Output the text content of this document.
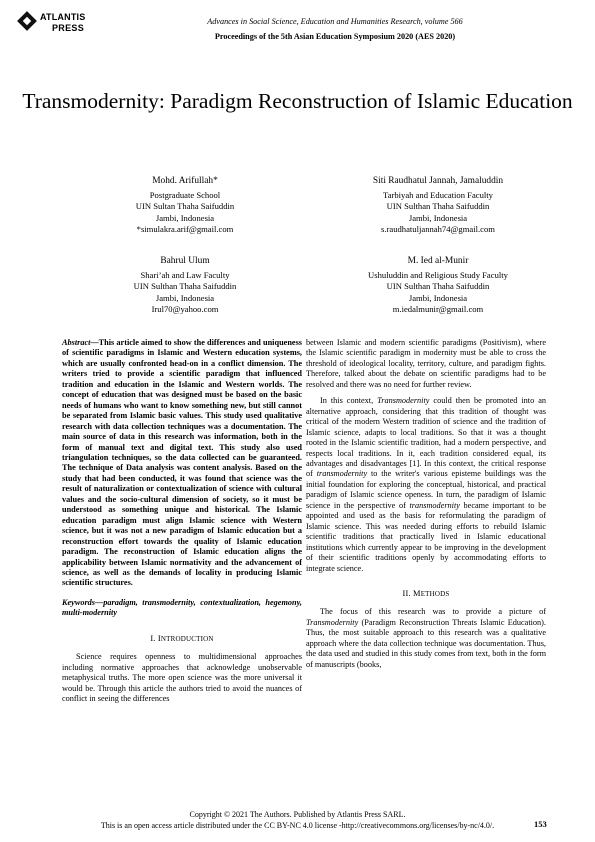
ATLANTIS
PRESS
Advances in Social Science, Education and Humanities Research, volume 566
Proceedings of the 5th Asian Education Symposium 2020 (AES 2020)
Transmodernity: Paradigm Reconstruction of Islamic Education
Mohd. Arifullah*
Postgraduate School
UIN Sultan Thaha Saifuddin
Jambi, Indonesia
*simulakra.arif@gmail.com
Siti Raudhatul Jannah, Jamaluddin
Tarbiyah and Education Faculty
UIN Sulthan Thaha Saifuddin
Jambi, Indonesia
s.raudhatuljannah74@gmail.com
Bahrul Ulum
Shari’ah and Law Faculty
UIN Sulthan Thaha Saifuddin
Jambi, Indonesia
Irul70@yahoo.com
M. Ied al-Munir
Ushuluddin and Religious Study Faculty
UIN Sulthan Thaha Saifuddin
Jambi, Indonesia
m.iedalmunir@gmail.com
Abstract—This article aimed to show the differences and uniqueness of scientific paradigms in Islamic and Western education systems, which are usually confronted head-on in a conflict dimension. The writers tried to provide a scientific paradigm that influenced tradition and education in the Islamic and Western worlds. The concept of education that was designed must be based on the basic needs of humans who want to know something new, but still cannot be separated from Islamic basic values. This study used qualitative research with data collection techniques was a documentation. The main source of data in this research was information, both in the form of manual text and digital text. This study also used triangulation techniques, so the data collected can be guaranteed. The technique of Data analysis was content analysis. Based on the study that had been conducted, it was found that science was the result of naturalization or contextualization of science with cultural values and the socio-cultural dimension of society, so it must be understood as something unique and historical. The Islamic education paradigm must align Islamic science with Western science, but it was not a new paradigm of Islamic education but a reconstruction effort towards the quality of Islamic education paradigm. The reconstruction of Islamic education aligns the applicability between Islamic normativity and the advancement of science, as well as the demands of locality in producing Islamic scientific structures.
Keywords—paradigm, transmodernity, contextualization, hegemony, multi-modernity
I. INTRODUCTION

Science requires openness to multidimensional approaches including normative approaches that acknowledge unobservable metaphysical truths. The more open science was the more universal it would be. Through this article the authors tried to avoid the nuances of conflict in seeing the differences

between Islamic and modern scientific paradigms (Positivism), where the Islamic scientific paradigm in modernity must be able to cross the threshold of ideological locality, territory, culture, and paradigm fights. Therefore, talked about the debate on scientific paradigms had to be resolved and there was no need for further review.

In this context, Transmodernity could then be promoted into an alternative approach, considering that this tradition of thought was critical of the modern Western tradition of science and the tradition of Islamic science, adapts to local traditions. So that it was a thought rooted in the Islamic scientific tradition, had a modern perspective, and respects local traditions. In it, each tradition considered equal, its advantages and disadvantages [1]. In this context, the critical response of transmodernity to the writer's various episteme buildings was the initial foundation for exploring the conceptual, historical, and practical paradigm of Islamic science openess. In turn, the paradigm of Islamic science in the perspective of transmodernity became important to be appointed and used as the basis for reformulating the paradigm of Islamic science. This was needed during efforts to rebuild Islamic scientific traditions that practically lived in Islamic educational institutions which currently appear to be improving in the development of their scientific traditions openly by accommodating efforts to integrate science.

II. METHODS

The focus of this research was to provide a picture of Transmodernity (Paradigm Reconstruction Threats Islamic Education). Thus, the most suitable approach to this research was a qualitative approach where the data collection technique was documentation. Thus, the data used and studied in this study comes from text, both in the form of manuscripts (books,

Copyright © 2021 The Authors. Published by Atlantis Press SARL.
This is an open access article distributed under the CC BY-NC 4.0 license -http://creativecommons.org/licenses/by-nc/4.0/.	153
